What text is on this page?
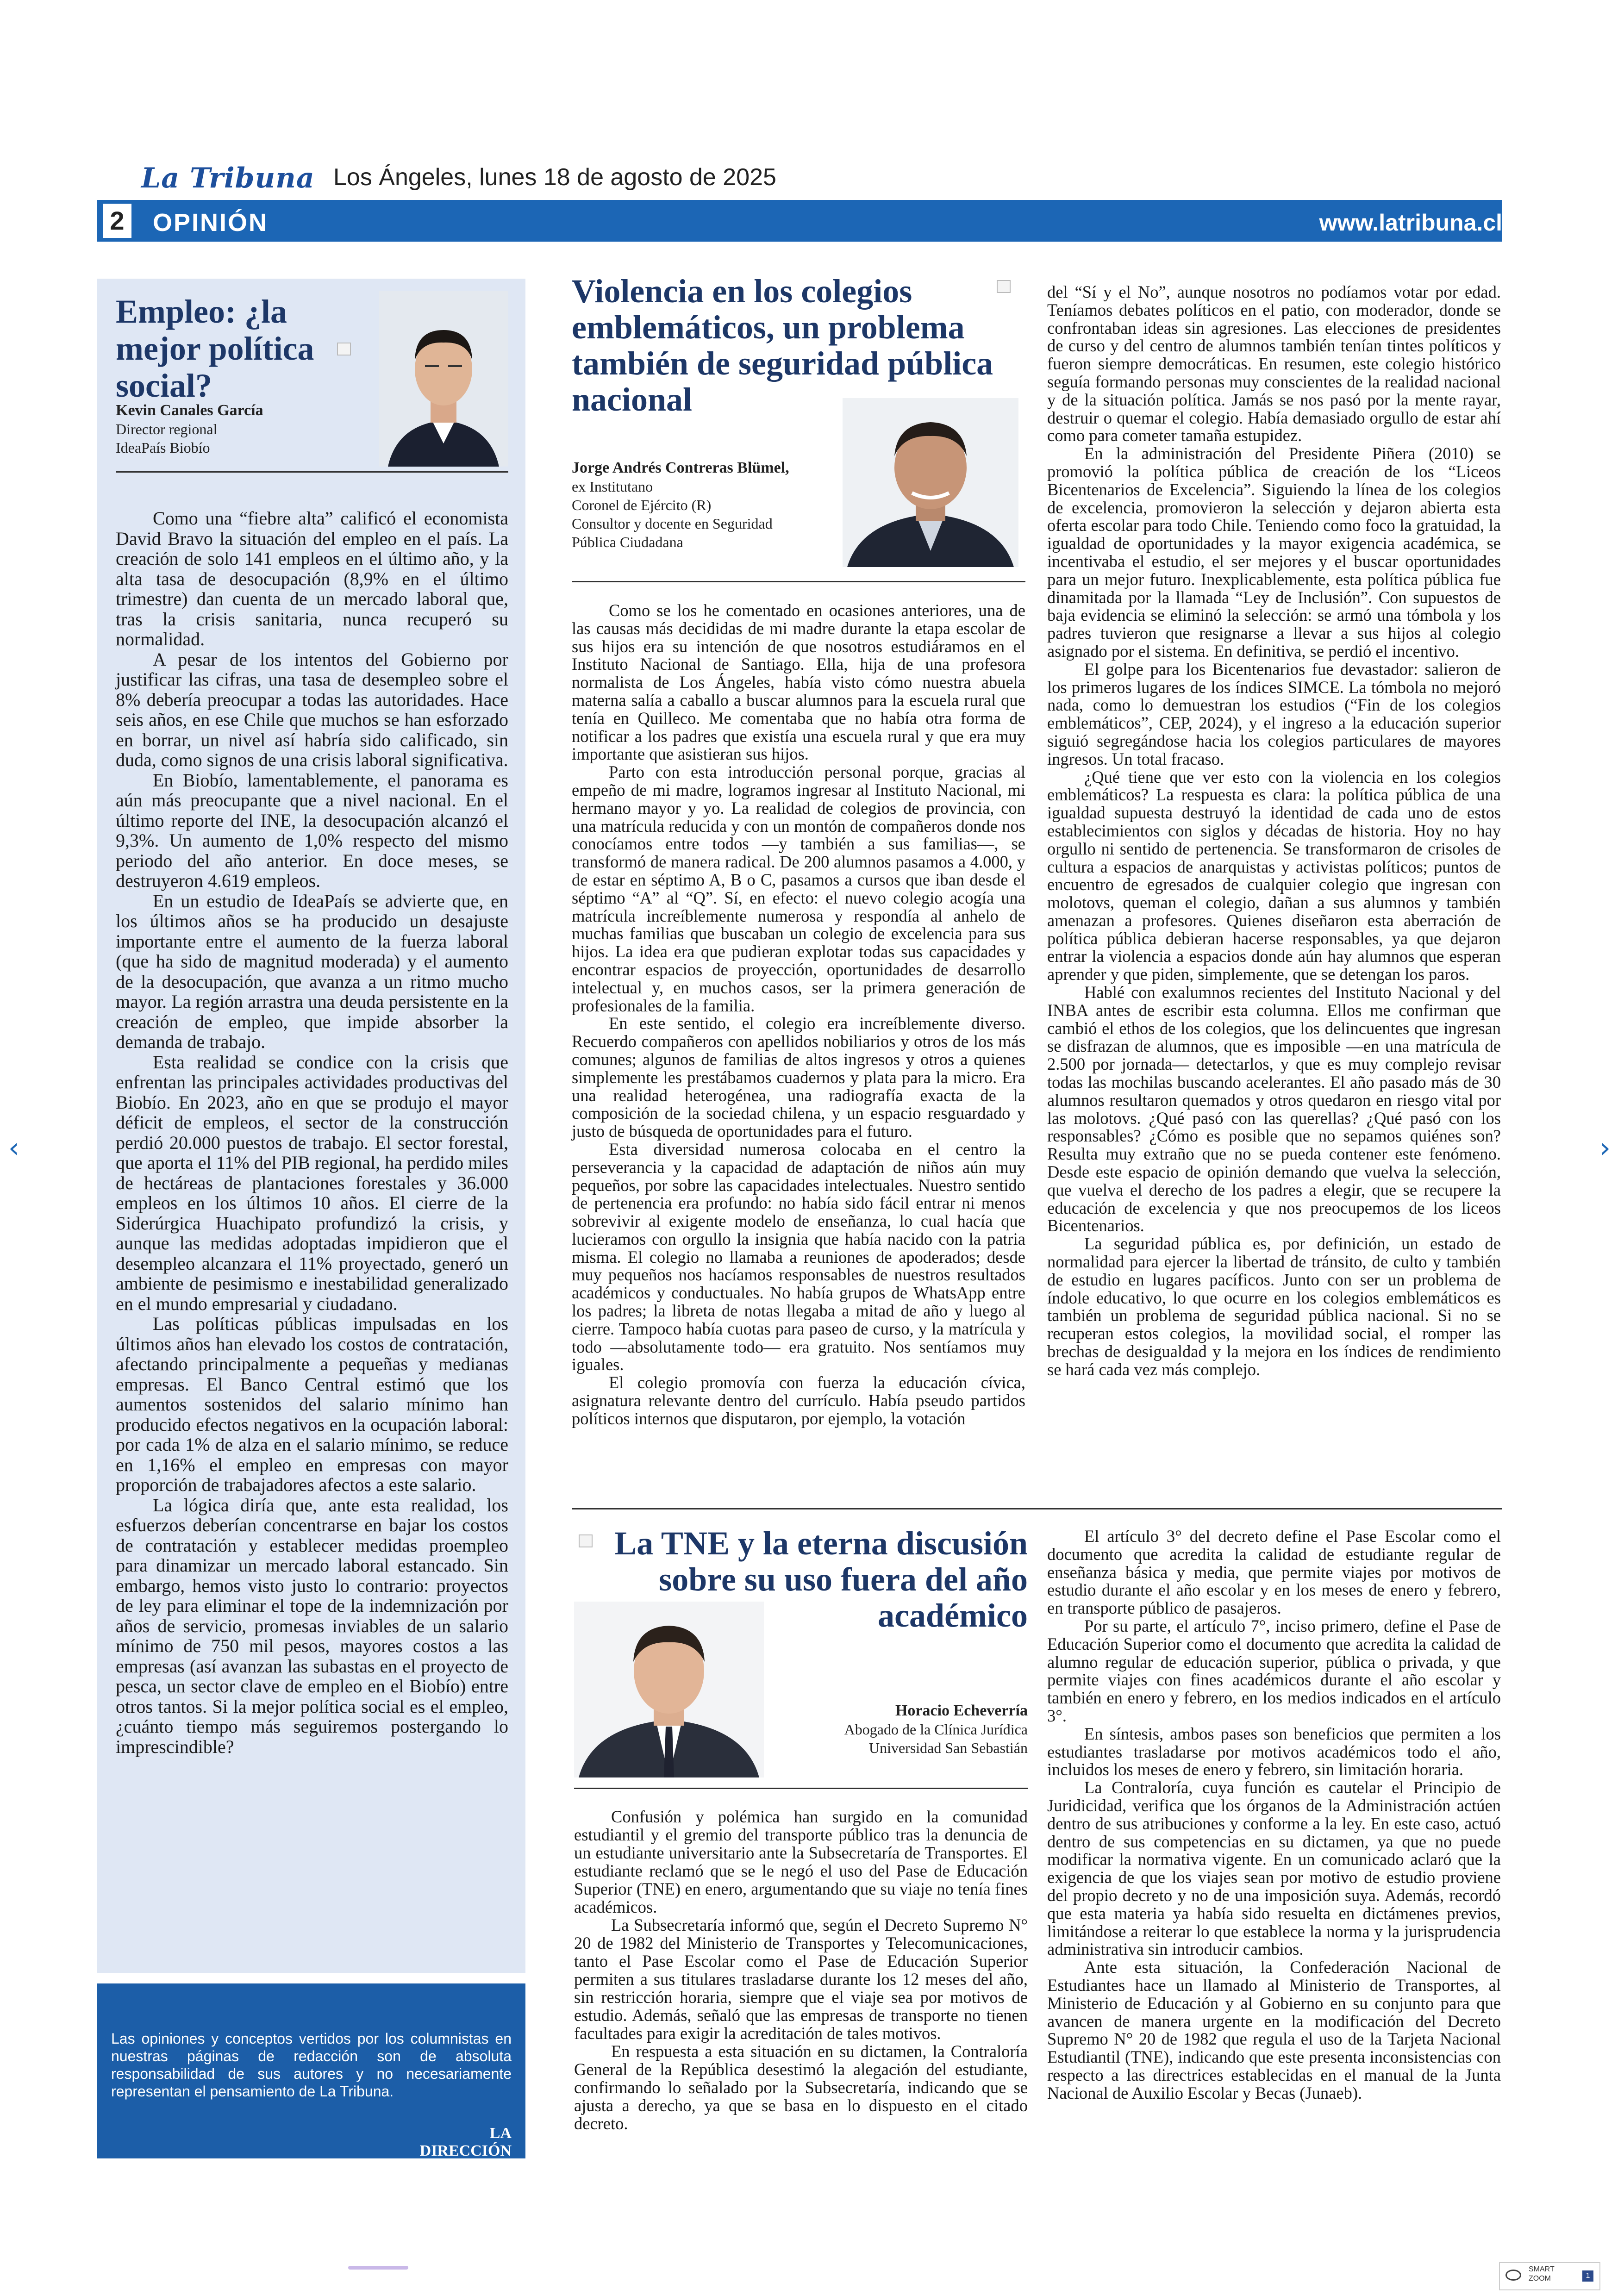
La Tribuna Los Ángeles, lunes 18 de agosto de 2025
2 OPINIÓN	www.latribuna.cl
Empleo: ¿la mejor política social?
Kevin Canales García
Director regional
IdeaPaís Biobío

Como una “fiebre alta” calificó el economista David Bravo la situación del empleo en el país. La creación de solo 141 empleos en el último año, y la alta tasa de desocupación (8,9% en el último trimestre) dan cuenta de un mercado laboral que, tras la crisis sanitaria, nunca recuperó su normalidad.

A pesar de los intentos del Gobierno por justificar las cifras, una tasa de desempleo sobre el 8% debería preocupar a todas las autoridades. Hace seis años, en ese Chile que muchos se han esforzado en borrar, un nivel así habría sido calificado, sin duda, como signos de una crisis laboral significativa.

En Biobío, lamentablemente, el panorama es aún más preocupante que a nivel nacional. En el último reporte del INE, la desocupación alcanzó el 9,3%. Un aumento de 1,0% respecto del mismo periodo del año anterior. En doce meses, se destruyeron 4.619 empleos.

En un estudio de IdeaPaís se advierte que, en los últimos años se ha producido un desajuste importante entre el aumento de la fuerza laboral (que ha sido de magnitud moderada) y el aumento de la desocupación, que avanza a un ritmo mucho mayor. La región arrastra una deuda persistente en la creación de empleo, que impide absorber la demanda de trabajo.

Esta realidad se condice con la crisis que enfrentan las principales actividades productivas del Biobío. En 2023, año en que se produjo el mayor déficit de empleos, el sector de la construcción perdió 20.000 puestos de trabajo. El sector forestal, que aporta el 11% del PIB regional, ha perdido miles de hectáreas de plantaciones forestales y 36.000 empleos en los últimos 10 años. El cierre de la Siderúrgica Huachipato profundizó la crisis, y aunque las medidas adoptadas impidieron que el desempleo alcanzara el 11% proyectado, generó un ambiente de pesimismo e inestabilidad generalizado en el mundo empresarial y ciudadano.

Las políticas públicas impulsadas en los últimos años han elevado los costos de contratación, afectando principalmente a pequeñas y medianas empresas. El Banco Central estimó que los aumentos sostenidos del salario mínimo han producido efectos negativos en la ocupación laboral: por cada 1% de alza en el salario mínimo, se reduce en 1,16% el empleo en empresas con mayor proporción de trabajadores afectos a este salario.

La lógica diría que, ante esta realidad, los esfuerzos deberían concentrarse en bajar los costos de contratación y establecer medidas proempleo para dinamizar un mercado laboral estancado. Sin embargo, hemos visto justo lo contrario: proyectos de ley para eliminar el tope de la indemnización por años de servicio, promesas inviables de un salario mínimo de 750 mil pesos, mayores costos a las empresas (así avanzan las subastas en el proyecto de pesca, un sector clave de empleo en el Biobío) entre otros tantos. Si la mejor política social es el empleo, ¿cuánto tiempo más seguiremos postergando lo imprescindible?

Las opiniones y conceptos vertidos por los columnistas en nuestras páginas de redacción son de absoluta responsabilidad de sus autores y no necesariamente representan el pensamiento de La Tribuna.
LA DIRECCIÓN
Violencia en los colegios emblemáticos, un problema también de seguridad pública nacional
Jorge Andrés Contreras Blümel,
ex Institutano
Coronel de Ejército (R)
Consultor y docente en Seguridad
Pública Ciudadana

Como se los he comentado en ocasiones anteriores, una de las causas más decididas de mi madre durante la etapa escolar de sus hijos era su intención de que nosotros estudiáramos en el Instituto Nacional de Santiago. Ella, hija de una profesora normalista de Los Ángeles, había visto cómo nuestra abuela materna salía a caballo a buscar alumnos para la escuela rural que tenía en Quilleco. Me comentaba que no había otra forma de notificar a los padres que existía una escuela rural y que era muy importante que asistieran sus hijos.

Parto con esta introducción personal porque, gracias al empeño de mi madre, logramos ingresar al Instituto Nacional, mi hermano mayor y yo. La realidad de colegios de provincia, con una matrícula reducida y con un montón de compañeros donde nos conocíamos entre todos —y también a sus familias—, se transformó de manera radical. De 200 alumnos pasamos a 4.000, y de estar en séptimo A, B o C, pasamos a cursos que iban desde el séptimo “A” al “Q”. Sí, en efecto: el nuevo colegio acogía una matrícula increíblemente numerosa y respondía al anhelo de muchas familias que buscaban un colegio de excelencia para sus hijos. La idea era que pudieran explotar todas sus capacidades y encontrar espacios de proyección, oportunidades de desarrollo intelectual y, en muchos casos, ser la primera generación de profesionales de la familia.

En este sentido, el colegio era increíblemente diverso. Recuerdo compañeros con apellidos nobiliarios y otros de los más comunes; algunos de familias de altos ingresos y otros a quienes simplemente les prestábamos cuadernos y plata para la micro. Era una realidad heterogénea, una radiografía exacta de la composición de la sociedad chilena, y un espacio resguardado y justo de búsqueda de oportunidades para el futuro.

Esta diversidad numerosa colocaba en el centro la perseverancia y la capacidad de adaptación de niños aún muy pequeños, por sobre las capacidades intelectuales. Nuestro sentido de pertenencia era profundo: no había sido fácil entrar ni menos sobrevivir al exigente modelo de enseñanza, lo cual hacía que lucieramos con orgullo la insignia que había nacido con la patria misma. El colegio no llamaba a reuniones de apoderados; desde muy pequeños nos hacíamos responsables de nuestros resultados académicos y conductuales. No había grupos de WhatsApp entre los padres; la libreta de notas llegaba a mitad de año y luego al cierre. Tampoco había cuotas para paseo de curso, y la matrícula y todo —absolutamente todo— era gratuito. Nos sentíamos muy iguales.

El colegio promovía con fuerza la educación cívica, asignatura relevante dentro del currículo. Había pseudo partidos políticos internos que disputaron, por ejemplo, la votación

del “Sí y el No”, aunque nosotros no podíamos votar por edad. Teníamos debates políticos en el patio, con moderador, donde se confrontaban ideas sin agresiones. Las elecciones de presidentes de curso y del centro de alumnos también tenían tintes políticos y fueron siempre democráticas. En resumen, este colegio histórico seguía formando personas muy conscientes de la realidad nacional y de la situación política. Jamás se nos pasó por la mente rayar, destruir o quemar el colegio. Había demasiado orgullo de estar ahí como para cometer tamaña estupidez.

En la administración del Presidente Piñera (2010) se promovió la política pública de creación de los “Liceos Bicentenarios de Excelencia”. Siguiendo la línea de los colegios de excelencia, promovieron la selección y dejaron abierta esta oferta escolar para todo Chile. Teniendo como foco la gratuidad, la igualdad de oportunidades y la mayor exigencia académica, se incentivaba el estudio, el ser mejores y el buscar oportunidades para un mejor futuro. Inexplicablemente, esta política pública fue dinamitada por la llamada “Ley de Inclusión”. Con supuestos de baja evidencia se eliminó la selección: se armó una tómbola y los padres tuvieron que resignarse a llevar a sus hijos al colegio asignado por el sistema. En definitiva, se perdió el incentivo.

El golpe para los Bicentenarios fue devastador: salieron de los primeros lugares de los índices SIMCE. La tómbola no mejoró nada, como lo demuestran los estudios (“Fin de los colegios emblemáticos”, CEP, 2024), y el ingreso a la educación superior siguió segregándose hacia los colegios particulares de mayores ingresos. Un total fracaso.

¿Qué tiene que ver esto con la violencia en los colegios emblemáticos? La respuesta es clara: la política pública de una igualdad supuesta destruyó la identidad de cada uno de estos establecimientos con siglos y décadas de historia. Hoy no hay orgullo ni sentido de pertenencia. Se transformaron de crisoles de cultura a espacios de anarquistas y activistas políticos; puntos de encuentro de egresados de cualquier colegio que ingresan con molotovs, queman el colegio, dañan a sus alumnos y también amenazan a profesores. Quienes diseñaron esta aberración de política pública debieran hacerse responsables, ya que dejaron entrar la violencia a espacios donde aún hay alumnos que esperan aprender y que piden, simplemente, que se detengan los paros.

Hablé con exalumnos recientes del Instituto Nacional y del INBA antes de escribir esta columna. Ellos me confirman que cambió el ethos de los colegios, que los delincuentes que ingresan se disfrazan de alumnos, que es imposible —en una matrícula de 2.500 por jornada— detectarlos, y que es muy complejo revisar todas las mochilas buscando acelerantes. El año pasado más de 30 alumnos resultaron quemados y otros quedaron en riesgo vital por las molotovs. ¿Qué pasó con las querellas? ¿Qué pasó con los responsables? ¿Cómo es posible que no sepamos quiénes son? Resulta muy extraño que no se pueda contener este fenómeno. Desde este espacio de opinión demando que vuelva la selección, que vuelva el derecho de los padres a elegir, que se recupere la educación de excelencia y que nos preocupemos de los liceos Bicentenarios.

La seguridad pública es, por definición, un estado de normalidad para ejercer la libertad de tránsito, de culto y también de estudio en lugares pacíficos. Junto con ser un problema de índole educativo, lo que ocurre en los colegios emblemáticos es también un problema de seguridad pública nacional. Si no se recuperan estos colegios, la movilidad social, el romper las brechas de desigualdad y la mejora en los índices de rendimiento se hará cada vez más complejo.

La TNE y la eterna discusión sobre su uso fuera del año académico
Horacio Echeverría
Abogado de la Clínica Jurídica
Universidad San Sebastián

Confusión y polémica han surgido en la comunidad estudiantil y el gremio del transporte público tras la denuncia de un estudiante universitario ante la Subsecretaría de Transportes. El estudiante reclamó que se le negó el uso del Pase de Educación Superior (TNE) en enero, argumentando que su viaje no tenía fines académicos.

La Subsecretaría informó que, según el Decreto Supremo N° 20 de 1982 del Ministerio de Transportes y Telecomunicaciones, tanto el Pase Escolar como el Pase de Educación Superior permiten a sus titulares trasladarse durante los 12 meses del año, sin restricción horaria, siempre que el viaje sea por motivos de estudio. Además, señaló que las empresas de transporte no tienen facultades para exigir la acreditación de tales motivos.

En respuesta a esta situación en su dictamen, la Contraloría General de la República desestimó la alegación del estudiante, confirmando lo señalado por la Subsecretaría, indicando que se ajusta a derecho, ya que se basa en lo dispuesto en el citado decreto.

El artículo 3° del decreto define el Pase Escolar como el documento que acredita la calidad de estudiante regular de enseñanza básica y media, que permite viajes por motivos de estudio durante el año escolar y en los meses de enero y febrero, en transporte público de pasajeros.

Por su parte, el artículo 7°, inciso primero, define el Pase de Educación Superior como el documento que acredita la calidad de alumno regular de educación superior, pública o privada, y que permite viajes con fines académicos durante el año escolar y también en enero y febrero, en los medios indicados en el artículo 3°.

En síntesis, ambos pases son beneficios que permiten a los estudiantes trasladarse por motivos académicos todo el año, incluidos los meses de enero y febrero, sin limitación horaria.

La Contraloría, cuya función es cautelar el Principio de Juridicidad, verifica que los órganos de la Administración actúen dentro de sus atribuciones y conforme a la ley. En este caso, actuó dentro de sus competencias en su dictamen, ya que no puede modificar la normativa vigente. En un comunicado aclaró que la exigencia de que los viajes sean por motivo de estudio proviene del propio decreto y no de una imposición suya. Además, recordó que esta materia ya había sido resuelta en dictámenes previos, limitándose a reiterar lo que establece la norma y la jurisprudencia administrativa sin introducir cambios.

Ante esta situación, la Confederación Nacional de Estudiantes hace un llamado al Ministerio de Transportes, al Ministerio de Educación y al Gobierno en su conjunto para que avancen de manera urgente en la modificación del Decreto Supremo N° 20 de 1982 que regula el uso de la Tarjeta Nacional Estudiantil (TNE), indicando que este presenta inconsistencias con respecto a las directrices establecidas en el manual de la Junta Nacional de Auxilio Escolar y Becas (Junaeb).

‹	›
SMART
ZOOM	1
